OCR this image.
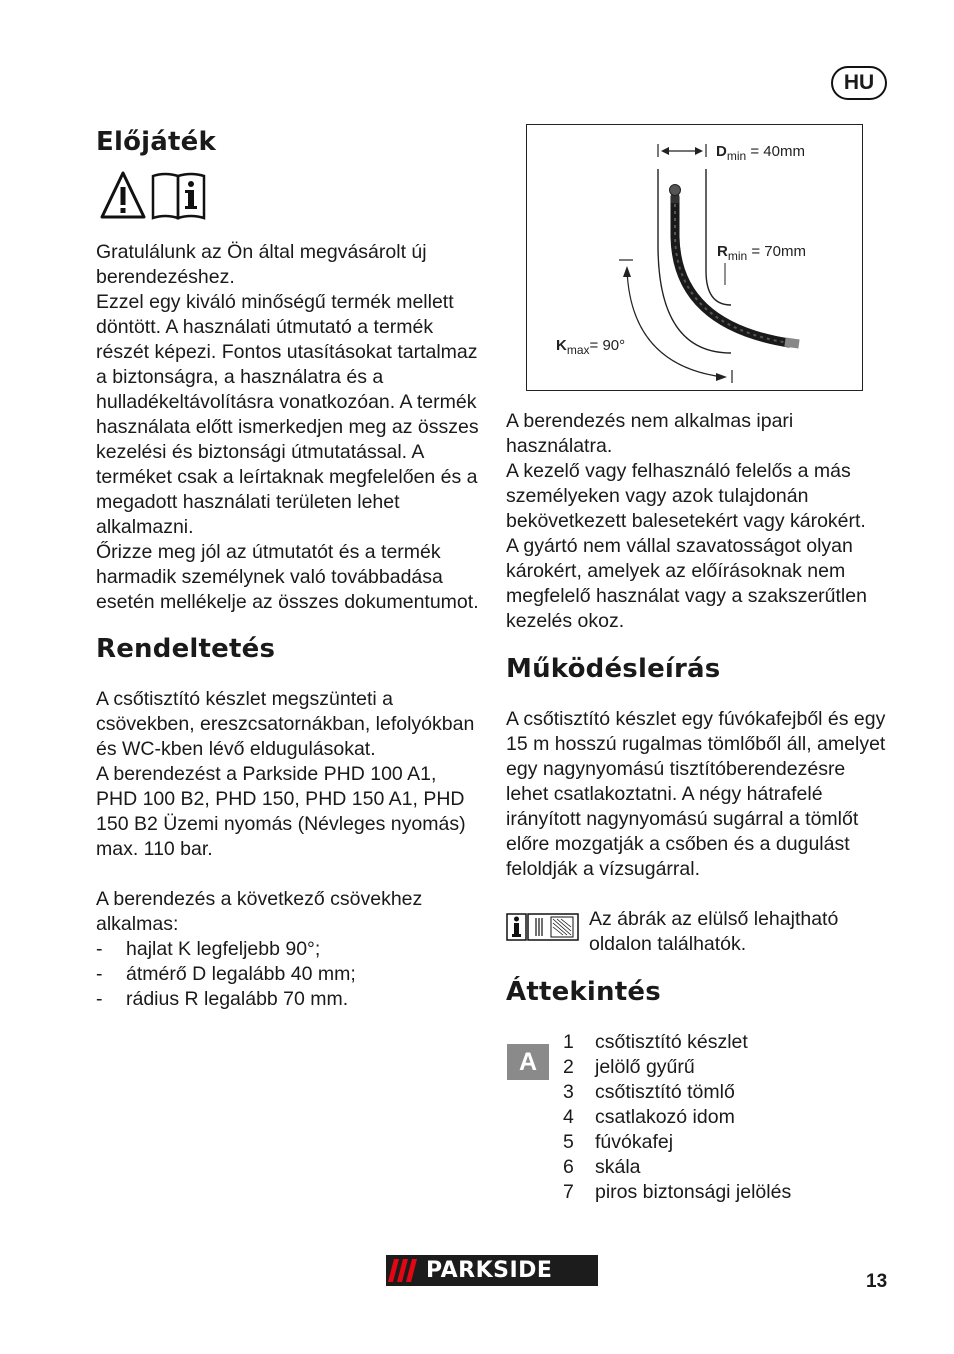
HU
Előjáték

Gratulálunk az Ön által megvásárolt új berendezéshez.

Ezzel egy kiváló minőségű termék mellett döntött. A használati útmutató a termék részét képezi. Fontos utasításokat tartalmaz a biztonságra, a használatra és a hulladékeltávolításra vonatkozóan. A termék használata előtt ismerkedjen meg az összes kezelési és biztonsági útmutatással. A terméket csak a leírtaknak megfelelően és a megadott használati területen lehet alkalmazni.

Őrizze meg jól az útmutatót és a termék harmadik személynek való továbbadása esetén mellékelje az összes dokumentumot.

Rendeltetés

A csőtisztító készlet megszünteti a csövekben, ereszcsatornákban, lefolyókban és WC-kben lévő eldugulásokat.

A berendezést a Parkside PHD 100 A1, PHD 100 B2, PHD 150, PHD 150 A1, PHD 150 B2 Üzemi nyomás (Névleges nyomás) max. 110 bar.

A berendezés a következő csövekhez alkalmas:

- hajlat K legfeljebb 90°;
- átmérő D legalább 40 mm;
- rádius R legalább 70 mm.
$D_{min} = 40mm$
$R_{min} = 70mm$
$K_{max}= 90^\circ$

A berendezés nem alkalmas ipari használatra.

A kezelő vagy felhasználó felelős a más személyeken vagy azok tulajdonán bekövetkezett balesetekért vagy károkért.

A gyártó nem vállal szavatosságot olyan károkért, amelyek az előírásoknak nem megfelelő használat vagy a szakszerűtlen kezelés okoz.

Működésleírás

A csőtisztító készlet egy fúvókafejből és egy 15 m hosszú rugalmas tömlőből áll, amelyet egy nagynyomású tisztítóberendezésre lehet csatlakoztatni. A négy hátrafelé irányított nagynyomású sugárral a tömlőt előre mozgatják a csőben és a dugulást feloldják a vízsugárral.

Az ábrák az elülső lehajtható oldalon találhatók.

Áttekintés
1	csőtisztító készlet
2	jelölő gyűrű
3	csőtisztító tömlő
4	csatlakozó idom
5	fúvókafej
6	skála
7	piros biztonsági jelölés
A
PARKSIDE	13
